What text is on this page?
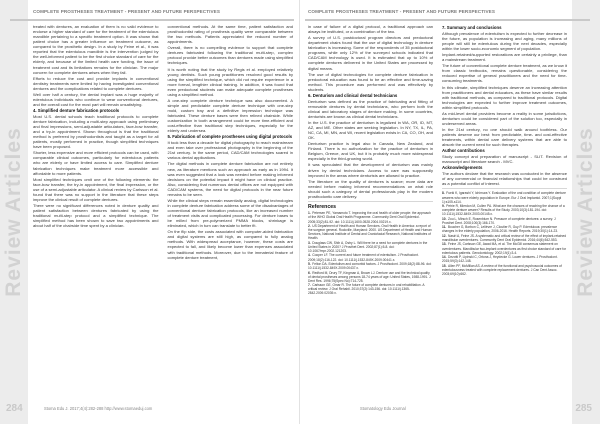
Review Articles
COMPLETE PROSTHESES TREATMENT - PRESENT AND FUTURE PERSPECTIVES

treated with dentures, an evaluation of them is no valid evidence to endorse a higher standard of care for the treatment of the edentulous mandible pertaining to a specific treatment option. It was shown that patient choice has a greater influence on treatment outcome, as compared to the prosthetic design. In a study by Feine et al., it was reported that the edentulous mandible is the intervention judged by the well-informed patient to be the first choice standard of care for the elderly, and because of the limited health care funding, the issue of treatment cost and its limitations remains for the clinician. The major concern for complete dentures arises when they fail.

Efforts to reduce the cost and provide implants in conventional dentistry treatments were limited by having investigated conventional dentures and the complications related to complete dentures.

Well over half a century, the dental implant was a huge majority of edentulous individuals who continue to wear conventional dentures, and the overall cost for the most part will remain unsatisfying.

4. Simplified denture fabrication protocols

Most U.S. dental schools teach traditional protocols to complete denture fabrication, including a multi-step approach using preliminary and final impressions, semi-adjustable articulators, face-bow transfer, and a try-in appointment. Shown throughout is that the traditional method is preferred by prosthodontists and taught as a target for all patients, mostly performed in practice, though simplified techniques have been proposed.

Shorter, less expensive and more efficient protocols can be used, with comparable clinical outcomes, particularly for edentulous patients who are elderly or have limited access to care. Simplified denture fabrication techniques make treatment more accessible and affordable to more patients.

Most simplified techniques omit one of the following elements: the face-bow transfer, the try-in appointment, the final impression, or the use of a semi-adjustable articulator. A clinical review by Carlsson et al. found that there was no support in the literature that these steps improve the clinical result of complete dentures.

There were no significant differences noted in denture quality and patient satisfaction between dentures fabricated by using the traditional multi-step protocol and a simplified technique. The simplified method has been shown to save two appointments and about half of the chairside time spent by a clinician.

conventional methods. At the same time, patient satisfaction and prosthodontist rating of prosthesis quality were comparable between the two methods. Patients appreciated the reduced number of appointments.

Overall, there is no compelling evidence to support that complete dentures fabricated following the traditional multi-step, complex protocol provide better outcomes than dentures made using simplified techniques.

It is worth noting that the study by Regis et al. employed relatively young dentists. Such young practitioners resolved good results by using the simplified technique, which did not require experience in a more formal, lengthier clinical training. In addition, it was found that even predoctoral students can make adequate complete prostheses using a simplified method.

A one-step complete denture technique was also documented. A simple and predictable complete denture technique with one-step mold, custom tray and a definitive impression technique was fabricated. These denture bases were then relined chairside. While customization in tooth arrangement could be more time-efficient and cost-effective than traditional step techniques, especially for the elderly and undersea.

5. Fabrication of complete prostheses using digital protocols

It took less than a decade for digital photography to reach mainstream and even take over professional photography in the beginning of the 21st century. In the same period, CAD/CAM technologies soared in various dental applications.

The digital methods in complete denture fabrication are not entirely new, as literature mentions such an approach as early as in 1994. It was even suggested that a look was needed before making informed decisions on the potential impact it might have on clinical practice. Also, considering that numerous dental offices are not equipped with CAD/CAM systems, the need for digital protocols in the near future remains to be seen.

While the clinical steps remain essentially analog, digital technologies in complete denture fabrication address some of the disadvantages of conventional denture fabrication protocols, like an increased number of treatment visits and complicated processing. For denture bases to be milled from pre-polymerized PMMA blocks, shrinkage is eliminated, which in turn can translate to better fit.

On the flip side, the costs associated with computer-aided fabrication and digital systems are still high, as compared to fully analog methods. With widespread acceptance, however, these costs are expected to fall, and likely become lower than expenses associated with traditional methods. Moreover, due to the immaterial feature of complete denture treatment,

284	Stoma Edu J. 2017;4(4):282-288 http://www.stomaeduj.com
Review Articles
COMPLETE PROSTHESES TREATMENT - PRESENT AND FUTURE PERSPECTIVES

in case of failure of a digital protocol, a traditional approach can always be instituted, or a combination of the two.

A survey of U.S. postdoctoral program directors and predoctoral department chairs found that the use of digital technology in denture fabrication is increasing. Some of the respondents of 35 postdoctoral programs, while only 12% of the surveyed schools indicated that CAD/CAM technology is used. It is estimated that up to 10% of complete dentures delivered in the United States are processed by digital means.

The use of digital technologies for complete denture fabrication in predoctoral education was found to be an effective and time-saving method. This procedure was performed and was effectively by students.

6. Denturism and clinical dental technicians

Denturism was defined as the practice of fabricating and fitting of removable dentures by dental technicians, who perform both the clinical and laboratory stages of denture making. In some countries, denturists are known as clinical dental technicians.

In the U.S. the practice of denturism is legalized in WA, OR, ID, MT, AZ, and ME. Other states are seeking legislation. In NY, TX, IL, PA, NC, CA, MI, MN, and WI, recent legislation exists in CA, CO, OH, and OK.

Denturism practice is legal also in Canada, New Zealand, and Finland. There is no authorization for the practice of denturism in Belgium, Greece, and UK, but it is probably much more widespread especially in the third-growing world.

It was speculated that the development of denturism was mainly driven by dental technicians. Access to care was supposedly improved in the areas where denturists are allowed to practice.

The literature on the quality of dentures is scarce; more data are needed before making informed recommendations on what role should such a category of dental professionals play in the modern prosthodontic care delivery.

References
1. Petersen PE, Yamamoto T. Improving the oral health of older people: the approach of the WHO Global Oral Health Programme. Community Dent Oral Epidemiol. 2005;33(2):81-92. doi: 10.1111/j.1600-0528.2004.00219.x.
2. US Department of Health and Human Services. Oral Health in America: a report of the surgeon general. Rockville, Maryland: 2000. US Department of Health and Human Services, National Institute of Dental and Craniofacial Research, National Institutes of Health.
3. Douglass CW, Shih A, Ostry L. Will there be a need for complete dentures in the United States in 2020? J Prosthet Dent. 2002;87(1):5-8. doi: 10.1067/mpr.2002.121203.
4. Cooper LF. The current and future treatment of edentulism. J Prosthodont. 2009;18(2):116-122. doi: 10.1111/j.1532-849X.2009.00441.x.
5. Felton DA. Edentulism and comorbid factors. J Prosthodont. 2009;18(2):88-96. doi: 10.1111/j.1532-849X.2009.00437.x.
6. Redford M, Drury TF, Kingman A, Brown LJ. Denture use and the technical quality of dental prostheses among persons 18-74 years of age: United States, 1988-1991. J Dent Res. 1996;75(Spec No):714-725.
7. Carlsson GE, Omar R. The future of complete dentures in oral rehabilitation. A critical review. J Oral Rehabil. 2010;37(2):143-156. doi: 10.1111/j.1365-2842.2009.02039.x.
7. Summary and conclusions

Although prevalence of edentulism is expected to further decrease in the future, as population is increasing and aging, many millions of people will still be edentulous during the next decades, especially within the lower socio-economic segment of population.

Implant-retained/supported restorations are certainly a privilege, than a mainstream treatment.

The future of conventional complete denture treatment, as we know it from classic textbooks, remains questionable, considering the reduced expertise of general practitioners and the need for time-consuming treatments.

In this climate, simplified techniques deserve an increasing attention from practitioners and dental educators, as these have similar results with traditional methods, as compared to traditional protocols. Digital technologies are expected to further improve treatment outcomes, within simplified protocols.

As mid-level dental providers become a reality in some jurisdictions, denturism could be considered part of the solution too, especially in underserved areas.

In the 21st century, no one should walk around toothless. Our patients deserve our best: from predictable, time- and cost-effective treatments, within dental care delivery systems that are able to absorb the current need for such therapies.

Author contributions

Study concept and preparation of manuscript - SLIT. Revision of manuscript and literature search - MVC.

Acknowledgements

The authors declare that the research was conducted in the absence of any commercial or financial relationships that could be construed as a potential conflict of interest.

8. Fueki K, Igarashi Y, Ichimura Y. Evaluation of the oral condition of complete denture wearers who were elderly population in Europe. Eur J Oral Implantol. 2007;1(Suppl 1):s105-s114.
9. Petrie R, Mierdon M, Cullen PA. What are the chances of reaching the chance of a complete denture wearer? Results of the Study. 2003;10(3):181-194. doi: 10.1111/j.1532-849X.2003.00145.x.
10. Zou L, Mirsch E, Rosenblum N. Pressure of complete dentures: a survey. J Prosthet Dent. 2008;100(3):166-170.
11. Boucher G, Borbon C, Lelièvre J, Cloutier R, Guy P. Edentulous: prevalence changes in the elderly population, 2006-2016. Health Reports. 2019;30(1):14-23.
12. Nasiri A, Feine JS. A systematic and critical review of the effect of implant-retained mandibular overdentures. Community Dent Oral Epidemiol. 2016;44(6):542-553.
13. Feine JS, Carlsson GE, Awad MA, et al. The McGill consensus statement on overdentures. Mandibular two-implant overdentures as first choice standard of care for edentulous patients. Gerodontology. 2002;19(1):3-4.
14. Dezotti P, Lipinski C, Ortona J, Heydecke G. Lower dentures. J Prosthodont. 2015;59(3):142-148.
15. Allen PF, McMillan AS. A review of the functional and psychosocial outcomes of edentulousness treated with complete replacement dentures. J Can Dent Assoc. 2003;69(10):662.
Stomatology Edu Journal	285
